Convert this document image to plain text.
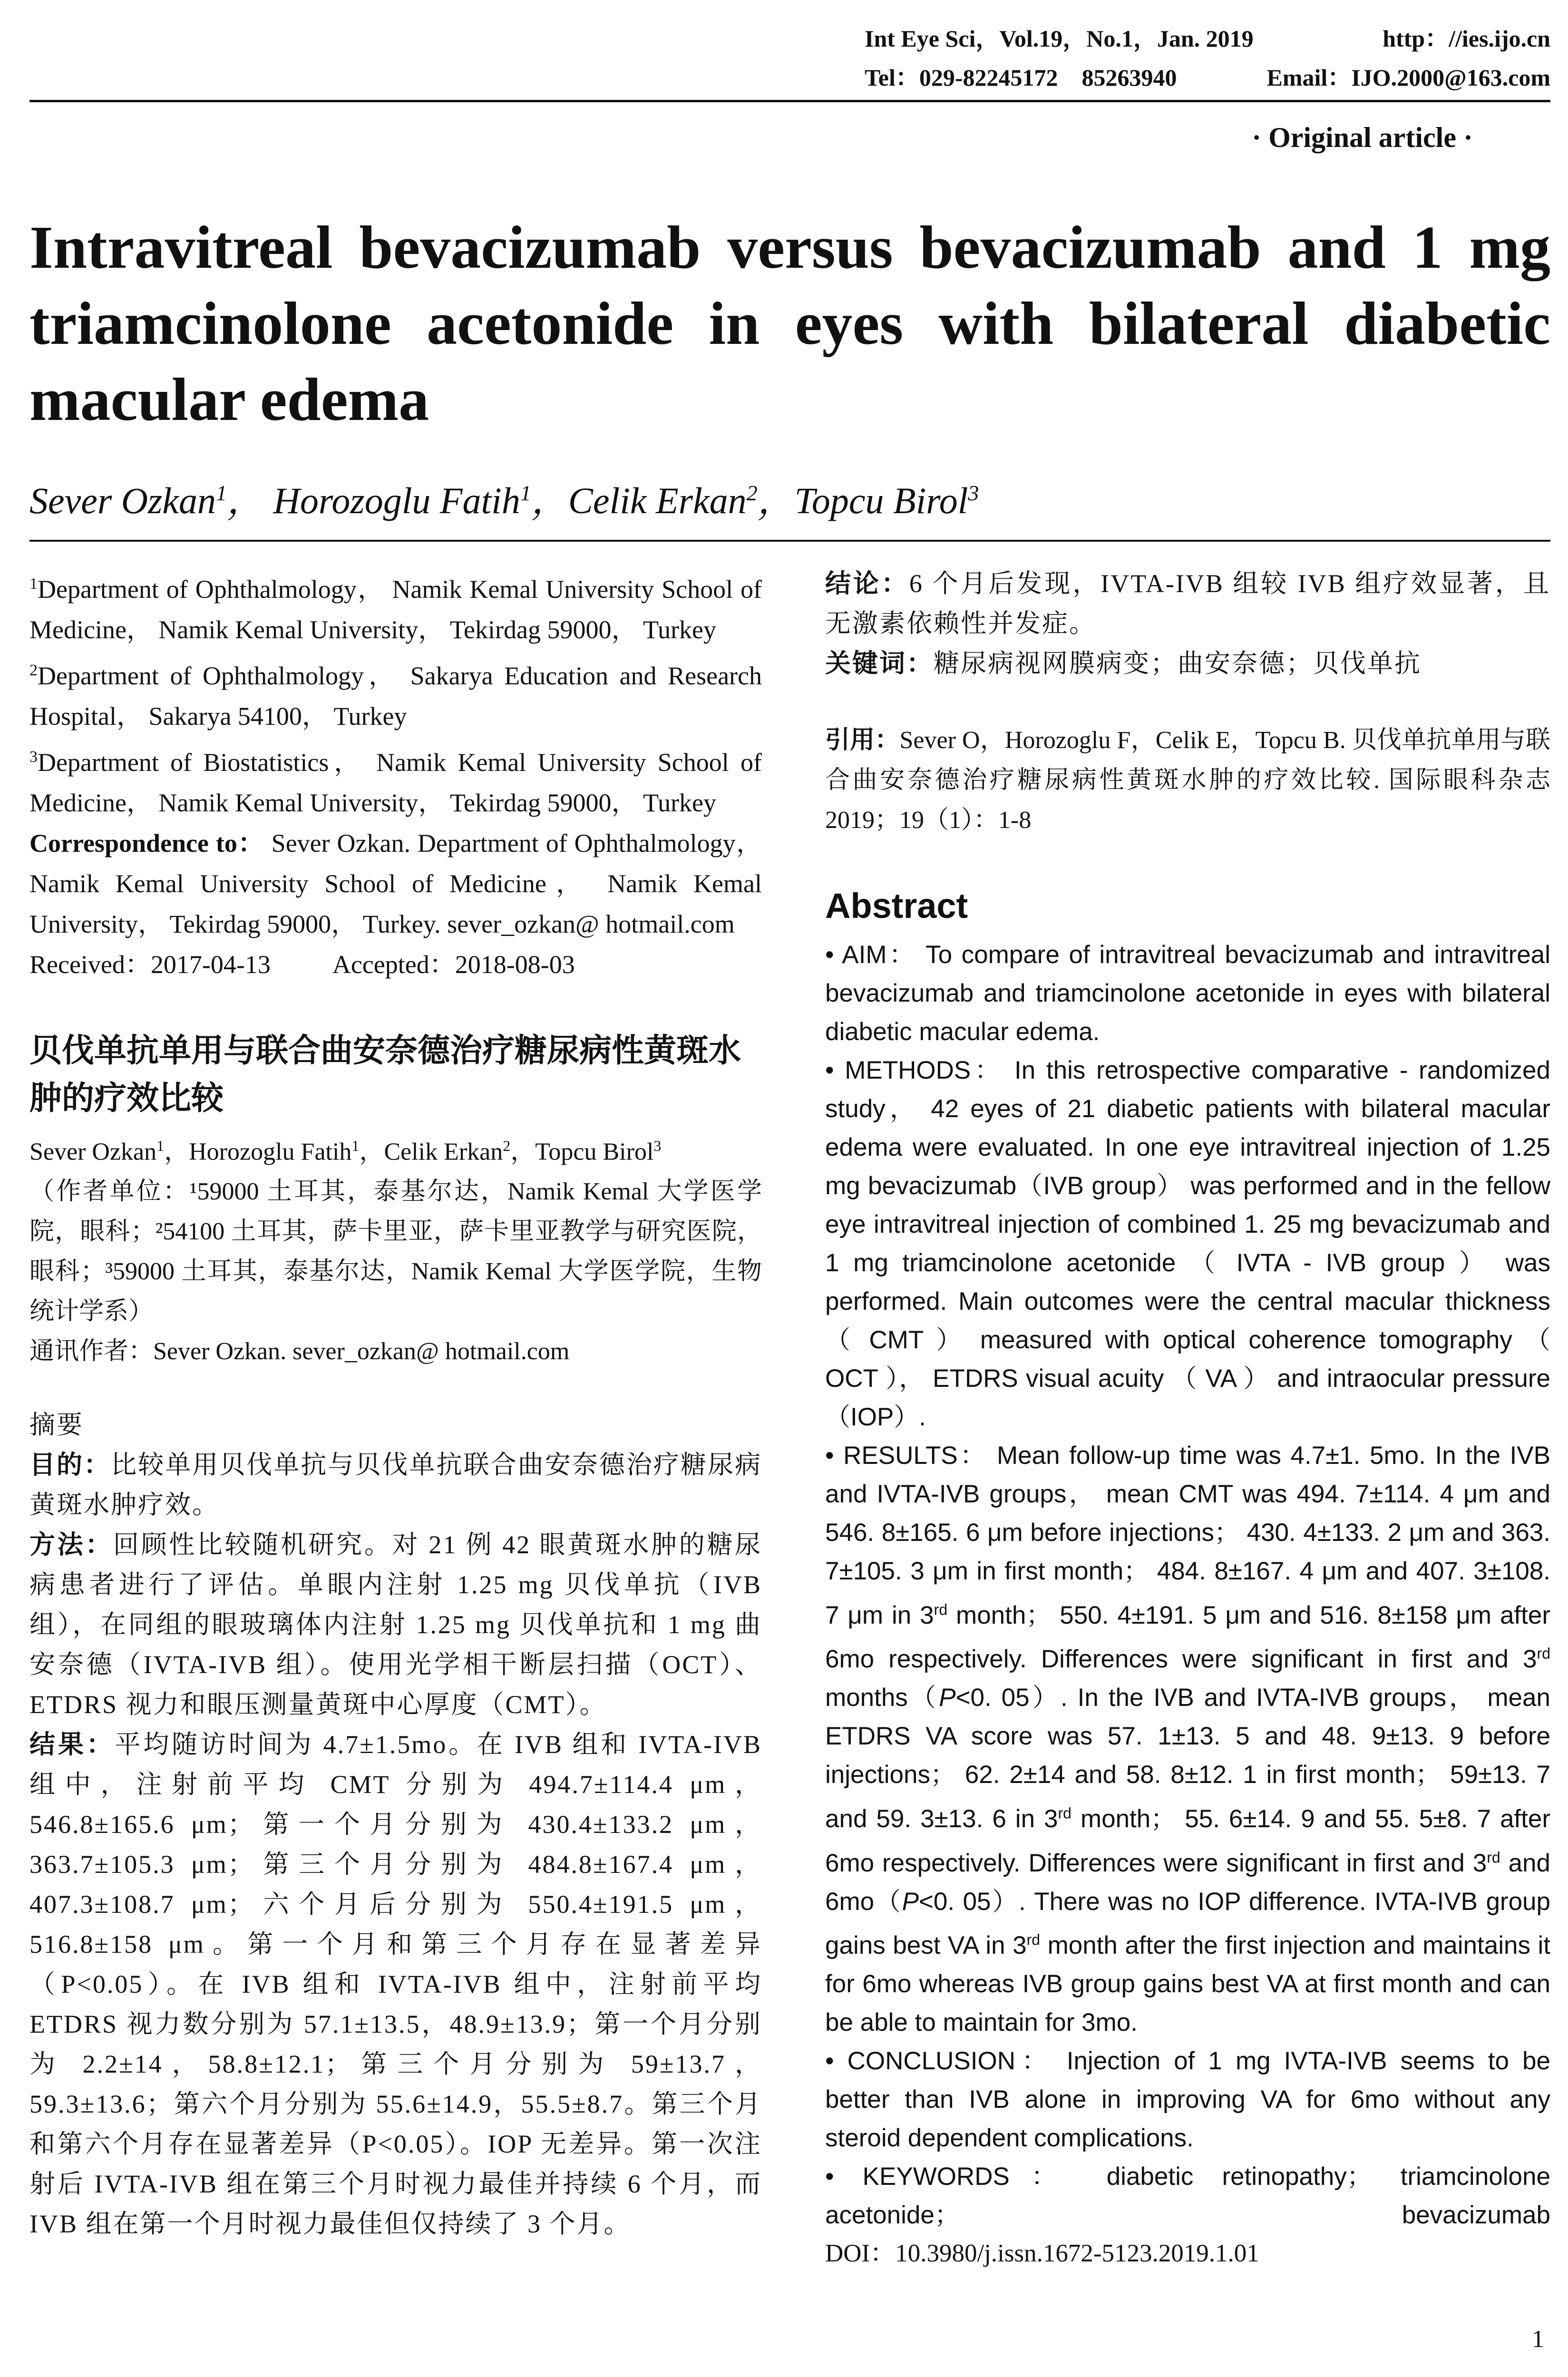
Int Eye Sci，Vol.19，No.1，Jan. 2019	http：//ies.ijo.cn
Tel：029-82245172　85263940	Email：IJO.2000@163.com
· Original article ·
Intravitreal bevacizumab versus bevacizumab and 1 mg triamcinolone acetonide in eyes with bilateral diabetic macular edema
Sever Ozkan$^1$， Horozoglu Fatih$^1$，Celik Erkan$^2$，Topcu Birol$^3$

$^1$Department of Ophthalmology， Namik Kemal University School of Medicine， Namik Kemal University， Tekirdag 59000， Turkey

$^2$Department of Ophthalmology， Sakarya Education and Research Hospital， Sakarya 54100， Turkey

$^3$Department of Biostatistics， Namik Kemal University School of Medicine， Namik Kemal University， Tekirdag 59000， Turkey

Correspondence to： Sever Ozkan. Department of Ophthalmology， Namik Kemal University School of Medicine， Namik Kemal University， Tekirdag 59000， Turkey. sever_ozkan@ hotmail.com

Received：2017-04-13 Accepted：2018-08-03

贝伐单抗单用与联合曲安奈德治疗糖尿病性黄斑水肿的疗效比较

Sever Ozkan$^1$，Horozoglu Fatih$^1$，Celik Erkan$^2$，Topcu Birol$^3$

（作者单位：¹59000 土耳其，泰基尔达，Namik Kemal 大学医学院，眼科；²54100 土耳其，萨卡里亚，萨卡里亚教学与研究医院，眼科；³59000 土耳其，泰基尔达，Namik Kemal 大学医学院，生物统计学系）

通讯作者：Sever Ozkan. sever_ozkan@ hotmail.com

摘要

目的：比较单用贝伐单抗与贝伐单抗联合曲安奈德治疗糖尿病黄斑水肿疗效。

方法：回顾性比较随机研究。对 21 例 42 眼黄斑水肿的糖尿病患者进行了评估。单眼内注射 1.25 mg 贝伐单抗（IVB 组），在同组的眼玻璃体内注射 1.25 mg 贝伐单抗和 1 mg 曲安奈德（IVTA-IVB 组）。使用光学相干断层扫描（OCT）、ETDRS 视力和眼压测量黄斑中心厚度（CMT）。

结果：平均随访时间为 4.7±1.5mo。在 IVB 组和 IVTA-IVB 组中，注射前平均 CMT 分别为 494.7±114.4 μm，546.8±165.6 μm；第一个月分别为 430.4±133.2 μm，363.7±105.3 μm；第三个月分别为 484.8±167.4 μm，407.3±108.7 μm；六个月后分别为 550.4±191.5 μm，516.8±158 μm。第一个月和第三个月存在显著差异（P<0.05）。在 IVB 组和 IVTA-IVB 组中，注射前平均 ETDRS 视力数分别为 57.1±13.5，48.9±13.9；第一个月分别为 2.2±14，58.8±12.1；第三个月分别为 59±13.7，59.3±13.6；第六个月分别为 55.6±14.9，55.5±8.7。第三个月和第六个月存在显著差异（P<0.05）。IOP 无差异。第一次注射后 IVTA-IVB 组在第三个月时视力最佳并持续 6 个月，而 IVB 组在第一个月时视力最佳但仅持续了 3 个月。

结论：6 个月后发现，IVTA-IVB 组较 IVB 组疗效显著，且无激素依赖性并发症。

关键词：糖尿病视网膜病变；曲安奈德；贝伐单抗

引用：Sever O，Horozoglu F，Celik E，Topcu B. 贝伐单抗单用与联合曲安奈德治疗糖尿病性黄斑水肿的疗效比较. 国际眼科杂志 2019；19（1）：1-8

Abstract

• AIM： To compare of intravitreal bevacizumab and intravitreal bevacizumab and triamcinolone acetonide in eyes with bilateral diabetic macular edema.

• METHODS： In this retrospective comparative - randomized study， 42 eyes of 21 diabetic patients with bilateral macular edema were evaluated. In one eye intravitreal injection of 1.25 mg bevacizumab（IVB group） was performed and in the fellow eye intravitreal injection of combined 1. 25 mg bevacizumab and 1 mg triamcinolone acetonide （ IVTA - IVB group ） was performed. Main outcomes were the central macular thickness （ CMT ） measured with optical coherence tomography （ OCT ）， ETDRS visual acuity （ VA ） and intraocular pressure（IOP）.

• RESULTS： Mean follow-up time was 4.7±1. 5mo. In the IVB and IVTA-IVB groups， mean CMT was 494. 7±114. 4 μm and 546. 8±165. 6 μm before injections； 430. 4±133. 2 μm and 363. 7±105. 3 μm in first month； 484. 8±167. 4 μm and 407. 3±108. 7 μm in 3rd month； 550. 4±191. 5 μm and 516. 8±158 μm after 6mo respectively. Differences were significant in first and 3rd months（P<0. 05）. In the IVB and IVTA-IVB groups， mean ETDRS VA score was 57. 1±13. 5 and 48. 9±13. 9 before injections； 62. 2±14 and 58. 8±12. 1 in first month； 59±13. 7 and 59. 3±13. 6 in 3rd month； 55. 6±14. 9 and 55. 5±8. 7 after 6mo respectively. Differences were significant in first and 3rd and 6mo（P<0. 05）. There was no IOP difference. IVTA-IVB group gains best VA in 3rd month after the first injection and maintains it for 6mo whereas IVB group gains best VA at first month and can be able to maintain for 3mo.

• CONCLUSION： Injection of 1 mg IVTA-IVB seems to be better than IVB alone in improving VA for 6mo without any steroid dependent complications.

• KEYWORDS： diabetic retinopathy； triamcinolone acetonide； bevacizumab

DOI：10.3980/j.issn.1672-5123.2019.1.01

1
